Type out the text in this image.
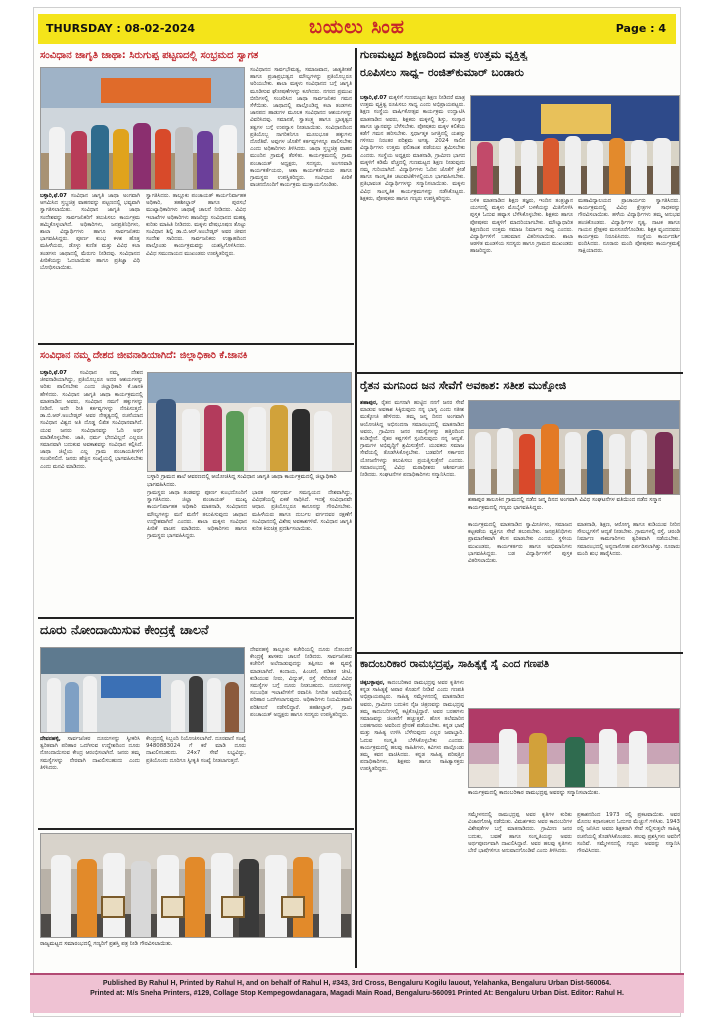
THURSDAY : 08-02-2024	ಬಯಲು ಸಿಂಹ	Page : 4
ಸಂವಿಧಾನ ಜಾಗೃತಿ ಜಾಥಾ: ಸಿರುಗುಪ್ಪ ಪಟ್ಟಣದಲ್ಲಿ ಸಂಭ್ರಮದ ಸ್ವಾಗತ
ಬಳ್ಳಾರಿ,ಫೆ.07 ಸಂವಿಧಾನ ಜಾಗೃತಿ ಜಾಥಾ ಅಂಗವಾಗಿ ಆಗಮಿಸಿದ ಸ್ತಬ್ಧಚಿತ್ರ ವಾಹನವನ್ನು ಪಟ್ಟಣದಲ್ಲಿ ಭವ್ಯವಾಗಿ ಸ್ವಾಗತಿಸಲಾಯಿತು. ಸಂವಿಧಾನ ಜಾಗೃತಿ ಜಾಥಾ ಸಂದೇಶವನ್ನು ಸಾರ್ವಜನಿಕರಿಗೆ ತಲುಪಿಸಲು ಕಾರ್ಯಕ್ರಮ ಹಮ್ಮಿಕೊಳ್ಳಲಾಗಿದೆ. ಅಧಿಕಾರಿಗಳು, ಜನಪ್ರತಿನಿಧಿಗಳು, ಶಾಲಾ ವಿದ್ಯಾರ್ಥಿಗಳು ಹಾಗೂ ಸಾರ್ವಜನಿಕರು ಭಾಗವಹಿಸಿದ್ದರು. ಪೂರ್ಣ ಕುಂಭ ಕಳಶ ಹೊತ್ತ ಮಹಿಳೆಯರು, ಡೊಳ್ಳು ಕುಣಿತ ಮತ್ತು ವಿವಿಧ ಕಲಾ ತಂಡಗಳು ಜಾಥಾದಲ್ಲಿ ಮೆರುಗು ನೀಡಿದವು. ಸಂವಿಧಾನದ ಪೀಠಿಕೆಯನ್ನು ಓದಲಾಯಿತು ಹಾಗೂ ಪ್ರತಿಜ್ಞಾ ವಿಧಿ ಬೋಧಿಸಲಾಯಿತು.
ಸ್ವಾಗತಿಸಿದರು. ತಾಲ್ಲೂಕು ಪಂಚಾಯತ್ ಕಾರ್ಯನಿರ್ವಾಹಕ ಅಧಿಕಾರಿ, ತಹಶೀಲ್ದಾರ್ ಹಾಗೂ ಪುರಸಭೆ ಮುಖ್ಯಾಧಿಕಾರಿಗಳು ಜಾಥಾಕ್ಕೆ ಚಾಲನೆ ನೀಡಿದರು. ವಿವಿಧ ಇಲಾಖೆಗಳ ಅಧಿಕಾರಿಗಳು ಹಾಜರಿದ್ದು ಸಂವಿಧಾನದ ಮಹತ್ವ ಕುರಿತು ಮಾಹಿತಿ ನೀಡಿದರು. ಮಕ್ಕಳು ವೇಷಭೂಷಣ ತೊಟ್ಟು ಸಂವಿಧಾನ ಶಿಲ್ಪಿ ಡಾ.ಬಿ.ಆರ್.ಅಂಬೇಡ್ಕರ್ ಅವರ ಜೀವನ ಸಂದೇಶ ಸಾರಿದರು. ಸಾರ್ವಜನಿಕರು ಉತ್ಸಾಹದಿಂದ ಪಾಲ್ಗೊಂಡು ಕಾರ್ಯಕ್ರಮವನ್ನು ಯಶಸ್ವಿಗೊಳಿಸಿದರು. ವಿವಿಧ ಸಮುದಾಯದ ಮುಖಂಡರು ಉಪಸ್ಥಿತರಿದ್ದರು.
ಸಂವಿಧಾನದ ಸಾರ್ವಭೌಮತ್ವ, ಸಮಾಜವಾದ, ಜಾತ್ಯತೀತತೆ ಹಾಗೂ ಪ್ರಜಾಪ್ರಭುತ್ವದ ಮೌಲ್ಯಗಳನ್ನು ಪ್ರತಿಯೊಬ್ಬರೂ ಅರಿಯಬೇಕು. ಶಾಲಾ ಮಕ್ಕಳು ಸಂವಿಧಾನದ ಬಗ್ಗೆ ಜಾಗೃತಿ ಮೂಡಿಸುವ ಘೋಷಣೆಗಳನ್ನು ಕೂಗಿದರು. ನಗರದ ಪ್ರಮುಖ ಬೀದಿಗಳಲ್ಲಿ ಸಂಚರಿಸಿದ ಜಾಥಾ ಸಾರ್ವಜನಿಕರ ಗಮನ ಸೆಳೆಯಿತು. ಜಾಥಾದಲ್ಲಿ ಪಾಲ್ಗೊಂಡಿದ್ದ ಕಲಾ ತಂಡಗಳು ಜಾನಪದ ಹಾಡುಗಳ ಮೂಲಕ ಸಂವಿಧಾನದ ಆಶಯಗಳನ್ನು ವಿವರಿಸಿದವು. ಸಮಾನತೆ, ಸ್ವಾತಂತ್ರ್ಯ ಹಾಗೂ ಭ್ರಾತೃತ್ವದ ತತ್ವಗಳ ಬಗ್ಗೆ ಉಪನ್ಯಾಸ ನೀಡಲಾಯಿತು. ಸಂವಿಧಾನದಿಂದ ಪ್ರತಿಯೊಬ್ಬ ನಾಗರಿಕನಿಗೂ ಮೂಲಭೂತ ಹಕ್ಕುಗಳು ದೊರೆತಿವೆ. ಅವುಗಳ ಜೊತೆಗೆ ಕರ್ತವ್ಯಗಳನ್ನೂ ಪಾಲಿಸಬೇಕು ಎಂದು ಅಧಿಕಾರಿಗಳು ತಿಳಿಸಿದರು. ಜಾಥಾ ಸ್ತಬ್ಧಚಿತ್ರ ವಾಹನ ಮುಂದಿನ ಗ್ರಾಮಕ್ಕೆ ತೆರಳಿತು. ಕಾರ್ಯಕ್ರಮದಲ್ಲಿ ಗ್ರಾಮ ಪಂಚಾಯತ್ ಅಧ್ಯಕ್ಷರು, ಸದಸ್ಯರು, ಅಂಗನವಾಡಿ ಕಾರ್ಯಕರ್ತೆಯರು, ಆಶಾ ಕಾರ್ಯಕರ್ತೆಯರು ಹಾಗೂ ಗ್ರಾಮಸ್ಥರು ಉಪಸ್ಥಿತರಿದ್ದರು. ಸಂವಿಧಾನ ಪೀಠಿಕೆ ವಾಚನದೊಂದಿಗೆ ಕಾರ್ಯಕ್ರಮ ಮುಕ್ತಾಯಗೊಂಡಿತು.
ಗುಣಮಟ್ಟದ ಶಿಕ್ಷಣದಿಂದ ಮಾತ್ರ ಉತ್ತಮ ವ್ಯಕ್ತಿತ್ವ
ರೂಪಿಸಲು ಸಾಧ್ಯ– ರಂಜಿತ್‌ಕುಮಾರ್ ಬಂಡಾರು
ಬಳ್ಳಾರಿ,ಫೆ.07 ಮಕ್ಕಳಿಗೆ ಗುಣಮಟ್ಟದ ಶಿಕ್ಷಣ ನೀಡಿದರೆ ಮಾತ್ರ ಉತ್ತಮ ವ್ಯಕ್ತಿತ್ವ ರೂಪಿಸಲು ಸಾಧ್ಯ ಎಂದು ಅಭಿಪ್ರಾಯಪಟ್ಟರು. ಶಿಕ್ಷಣ ಸಂಸ್ಥೆಯ ವಾರ್ಷಿಕೋತ್ಸವ ಕಾರ್ಯಕ್ರಮ ಉದ್ಘಾಟಿಸಿ ಮಾತನಾಡಿದ ಅವರು, ಶಿಕ್ಷಕರು ಮಕ್ಕಳಲ್ಲಿ ಶಿಸ್ತು, ಸಂಸ್ಕಾರ ಹಾಗೂ ಜ್ಞಾನವನ್ನು ಬೆಳೆಸಬೇಕು. ಪೋಷಕರು ಮಕ್ಕಳ ಕಲಿಕೆಯ ಕಡೆಗೆ ಗಮನ ಹರಿಸಬೇಕು. ಸ್ಪರ್ಧಾತ್ಮಕ ಜಗತ್ತಿನಲ್ಲಿ ಯಶಸ್ಸು ಗಳಿಸಲು ನಿರಂತರ ಪರಿಶ್ರಮ ಅಗತ್ಯ. 2024 ಸಾಲಿನ ವಿದ್ಯಾರ್ಥಿಗಳು ಉತ್ತಮ ಫಲಿತಾಂಶ ಪಡೆಯಲು ಶ್ರಮಿಸಬೇಕು ಎಂದರು. ಸಂಸ್ಥೆಯ ಅಧ್ಯಕ್ಷರು ಮಾತನಾಡಿ, ಗ್ರಾಮೀಣ ಭಾಗದ ಮಕ್ಕಳಿಗೆ ಕಡಿಮೆ ವೆಚ್ಚದಲ್ಲಿ ಗುಣಮಟ್ಟದ ಶಿಕ್ಷಣ ನೀಡುವುದು ನಮ್ಮ ಗುರಿಯಾಗಿದೆ. ವಿದ್ಯಾರ್ಥಿಗಳು ಓದಿನ ಜೊತೆಗೆ ಕ್ರೀಡೆ ಹಾಗೂ ಸಾಂಸ್ಕೃತಿಕ ಚಟುವಟಿಕೆಗಳಲ್ಲಿಯೂ ಭಾಗವಹಿಸಬೇಕು. ಪ್ರತಿಭಾವಂತ ವಿದ್ಯಾರ್ಥಿಗಳನ್ನು ಸನ್ಮಾನಿಸಲಾಯಿತು. ಮಕ್ಕಳು ವಿವಿಧ ಸಾಂಸ್ಕೃತಿಕ ಕಾರ್ಯಕ್ರಮಗಳನ್ನು ನಡೆಸಿಕೊಟ್ಟರು. ಶಿಕ್ಷಕರು, ಪೋಷಕರು ಹಾಗೂ ಗಣ್ಯರು ಉಪಸ್ಥಿತರಿದ್ದರು.	ಬಳಿಕ ಮಾತನಾಡಿದ ಶಿಕ್ಷಣ ತಜ್ಞರು, ಇಂದಿನ ತಂತ್ರಜ್ಞಾನ ಯುಗದಲ್ಲಿ ಮಕ್ಕಳು ಮೊಬೈಲ್ ಬಳಕೆಯನ್ನು ಮಿತಿಗೊಳಿಸಿ ಪುಸ್ತಕ ಓದುವ ಹವ್ಯಾಸ ಬೆಳೆಸಿಕೊಳ್ಳಬೇಕು. ಶಿಕ್ಷಕರು ಹಾಗೂ ಪೋಷಕರು ಮಕ್ಕಳಿಗೆ ಮಾದರಿಯಾಗಬೇಕು. ಮೌಲ್ಯಾಧಾರಿತ ಶಿಕ್ಷಣದಿಂದ ಉತ್ತಮ ಸಮಾಜ ನಿರ್ಮಾಣ ಸಾಧ್ಯ ಎಂದರು. ವಿದ್ಯಾರ್ಥಿಗಳಿಗೆ ಬಹುಮಾನ ವಿತರಿಸಲಾಯಿತು. ಶಾಲಾ ಆಡಳಿತ ಮಂಡಳಿಯ ಸದಸ್ಯರು ಹಾಗೂ ಗ್ರಾಮದ ಮುಖಂಡರು ಹಾಜರಿದ್ದರು.
ಮಹಾವಿದ್ಯಾಲಯದ ಪ್ರಾಚಾರ್ಯರು ಸ್ವಾಗತಿಸಿದರು. ಕಾರ್ಯಕ್ರಮದಲ್ಲಿ ವಿವಿಧ ಕ್ಷೇತ್ರಗಳ ಸಾಧಕರನ್ನು ಗೌರವಿಸಲಾಯಿತು. ಹಳೆಯ ವಿದ್ಯಾರ್ಥಿಗಳು ತಮ್ಮ ಅನುಭವ ಹಂಚಿಕೊಂಡರು. ವಿದ್ಯಾರ್ಥಿಗಳ ನೃತ್ಯ, ನಾಟಕ ಹಾಗೂ ಗಾಯನ ಪ್ರೇಕ್ಷಕರ ಮನಸೂರೆಗೊಂಡಿತು. ಶಿಕ್ಷಕ ವೃಂದದವರು ಕಾರ್ಯಕ್ರಮ ನಿರೂಪಿಸಿದರು. ಸಂಸ್ಥೆಯ ಕಾರ್ಯದರ್ಶಿ ವಂದಿಸಿದರು. ನೂರಾರು ಮಂದಿ ಪೋಷಕರು ಕಾರ್ಯಕ್ರಮಕ್ಕೆ ಸಾಕ್ಷಿಯಾದರು.
ಸಂವಿಧಾನ ನಮ್ಮ ದೇಶದ ಜೀವನಾಡಿಯಾಗಿದೆ: ಜಿಲ್ಲಾಧಿಕಾರಿ ಕೆ.ಜಾನಕಿ
ಬಳ್ಳಾರಿ,ಫೆ.07 ಸಂವಿಧಾನ ನಮ್ಮ ದೇಶದ ಜೀವನಾಡಿಯಾಗಿದ್ದು, ಪ್ರತಿಯೊಬ್ಬರೂ ಅದರ ಆಶಯಗಳನ್ನು ಅರಿತು ಪಾಲಿಸಬೇಕು ಎಂದು ಜಿಲ್ಲಾಧಿಕಾರಿ ಕೆ.ಜಾನಕಿ ಹೇಳಿದರು. ಸಂವಿಧಾನ ಜಾಗೃತಿ ಜಾಥಾ ಕಾರ್ಯಕ್ರಮದಲ್ಲಿ ಮಾತನಾಡಿದ ಅವರು, ಸಂವಿಧಾನ ನಮಗೆ ಹಕ್ಕುಗಳನ್ನು ನೀಡಿದೆ. ಅದೇ ರೀತಿ ಕರ್ತವ್ಯಗಳನ್ನು ನೆನಪಿಸುತ್ತದೆ. ಡಾ.ಬಿ.ಆರ್.ಅಂಬೇಡ್ಕರ್ ಅವರ ನೇತೃತ್ವದಲ್ಲಿ ರಚನೆಯಾದ ಸಂವಿಧಾನ ವಿಶ್ವದ ಅತಿ ದೊಡ್ಡ ಲಿಖಿತ ಸಂವಿಧಾನವಾಗಿದೆ. ಯುವ ಜನರು ಸಂವಿಧಾನವನ್ನು ಓದಿ ಅರ್ಥ ಮಾಡಿಕೊಳ್ಳಬೇಕು. ಜಾತಿ, ಧರ್ಮ ಭೇದವಿಲ್ಲದೆ ಎಲ್ಲರೂ ಸಮಾನವಾಗಿ ಬದುಕುವ ಅವಕಾಶವನ್ನು ಸಂವಿಧಾನ ಕಲ್ಪಿಸಿದೆ. ಜಾಥಾ ಜಿಲ್ಲೆಯ ಎಲ್ಲ ಗ್ರಾಮ ಪಂಚಾಯತಿಗಳಿಗೆ ಸಂಚರಿಸಲಿದೆ. ಜನರು ಹೆಚ್ಚಿನ ಸಂಖ್ಯೆಯಲ್ಲಿ ಭಾಗವಹಿಸಬೇಕು ಎಂದು ಮನವಿ ಮಾಡಿದರು.
ಬಳ್ಳಾರಿ ಗ್ರಾಮದ ಶಾಲೆ ಆವರಣದಲ್ಲಿ ಆಯೋಜಿಸಿದ್ದ ಸಂವಿಧಾನ ಜಾಗೃತಿ ಜಾಥಾ ಕಾರ್ಯಕ್ರಮದಲ್ಲಿ ಜಿಲ್ಲಾಧಿಕಾರಿ ಭಾಗವಹಿಸಿದರು.
ಗ್ರಾಮಸ್ಥರು ಜಾಥಾ ತಂಡವನ್ನು ಪೂರ್ಣ ಕುಂಭದೊಂದಿಗೆ ಸ್ವಾಗತಿಸಿದರು. ಜಿಲ್ಲಾ ಪಂಚಾಯತ್ ಮುಖ್ಯ ಕಾರ್ಯನಿರ್ವಾಹಕ ಅಧಿಕಾರಿ ಮಾತನಾಡಿ, ಸಂವಿಧಾನದ ಮೌಲ್ಯಗಳನ್ನು ಮನೆ ಮನೆಗೆ ತಲುಪಿಸುವುದು ಜಾಥಾದ ಉದ್ದೇಶವಾಗಿದೆ ಎಂದರು. ಶಾಲಾ ಮಕ್ಕಳು ಸಂವಿಧಾನ ಪೀಠಿಕೆ ವಾಚನ ಮಾಡಿದರು. ಅಧಿಕಾರಿಗಳು ಹಾಗೂ ಗ್ರಾಮಸ್ಥರು ಭಾಗವಹಿಸಿದ್ದರು.
ಭಾರತ ಸರ್ವಧರ್ಮ ಸಮನ್ವಯದ ದೇಶವಾಗಿದ್ದು, ವಿವಿಧತೆಯಲ್ಲಿ ಏಕತೆ ಸಾಧಿಸಿದೆ. ಇದಕ್ಕೆ ಸಂವಿಧಾನವೇ ಆಧಾರ. ಪ್ರತಿಯೊಬ್ಬರೂ ಕಾನೂನನ್ನು ಗೌರವಿಸಬೇಕು. ಮಹಿಳೆಯರು ಹಾಗೂ ದುರ್ಬಲ ವರ್ಗದವರ ರಕ್ಷಣೆಗೆ ಸಂವಿಧಾನದಲ್ಲಿ ವಿಶೇಷ ಅವಕಾಶಗಳಿವೆ. ಸಂವಿಧಾನ ಜಾಗೃತಿ ಕುರಿತ ಕಿರುಚಿತ್ರ ಪ್ರದರ್ಶಿಸಲಾಯಿತು.
ರೈತನ ಮಗನಿಂದ ಜನ ಸೇವೆಗೆ ಅವಕಾಶ: ಸತೀಶ ಮುಕ್ಕೋಜಿ
ಶಹಾಪುರ ತಾಲೂಕಿನ ಗ್ರಾಮದಲ್ಲಿ ನಡೆದ ಜನ್ಮ ದಿನದ ಅಂಗವಾಗಿ ವಿವಿಧ ಸಂಘಟನೆಗಳ ವತಿಯಿಂದ ನಡೆದ ಸನ್ಮಾನ ಕಾರ್ಯಕ್ರಮದಲ್ಲಿ ಗಣ್ಯರು ಭಾಗವಹಿಸಿದ್ದರು.
ಶಹಾಪುರ, ರೈತನ ಮಗನಾಗಿ ಹುಟ್ಟಿದ ನನಗೆ ಜನರ ಸೇವೆ ಮಾಡುವ ಅವಕಾಶ ಸಿಕ್ಕಿರುವುದು ನನ್ನ ಭಾಗ್ಯ ಎಂದು ಸತೀಶ ಮುಕ್ಕೋಜಿ ಹೇಳಿದರು. ತಮ್ಮ ಜನ್ಮ ದಿನದ ಅಂಗವಾಗಿ ಆಯೋಜಿಸಿದ್ದ ಅಭಿನಂದನಾ ಸಮಾರಂಭದಲ್ಲಿ ಮಾತನಾಡಿದ ಅವರು, ಗ್ರಾಮೀಣ ಜನರ ಸಮಸ್ಯೆಗಳನ್ನು ಹತ್ತಿರದಿಂದ ಕಂಡಿದ್ದೇನೆ. ರೈತರ ಕಷ್ಟಗಳಿಗೆ ಸ್ಪಂದಿಸುವುದು ನನ್ನ ಆದ್ಯತೆ. ಗ್ರಾಮಗಳ ಅಭಿವೃದ್ಧಿಗೆ ಶ್ರಮಿಸುತ್ತೇನೆ. ಯುವಕರು ಸಮಾಜ ಸೇವೆಯಲ್ಲಿ ತೊಡಗಿಸಿಕೊಳ್ಳಬೇಕು. ಬಡವರಿಗೆ ಸರ್ಕಾರದ ಯೋಜನೆಗಳನ್ನು ತಲುಪಿಸಲು ಪ್ರಯತ್ನಿಸುತ್ತೇನೆ ಎಂದರು. ಸಮಾರಂಭದಲ್ಲಿ ವಿವಿಧ ಮಠಾಧೀಶರು ಆಶೀರ್ವಚನ ನೀಡಿದರು. ಸಂಘಟನೆಗಳ ಪದಾಧಿಕಾರಿಗಳು ಸನ್ಮಾನಿಸಿದರು.
ಕಾರ್ಯಕ್ರಮದಲ್ಲಿ ಮಾತನಾಡಿದ ಸ್ವಾಮೀಜಿಗಳು, ಸಮಾಜದ ಕಟ್ಟಕಡೆಯ ವ್ಯಕ್ತಿಗೂ ಸೇವೆ ತಲುಪಬೇಕು. ಜನಪ್ರತಿನಿಧಿಗಳು ಪ್ರಾಮಾಣಿಕವಾಗಿ ಕೆಲಸ ಮಾಡಬೇಕು ಎಂದರು. ಸ್ಥಳೀಯ ಮುಖಂಡರು, ಕಾರ್ಯಕರ್ತರು ಹಾಗೂ ಅಭಿಮಾನಿಗಳು ಭಾಗವಹಿಸಿದ್ದರು. ಬಡ ವಿದ್ಯಾರ್ಥಿಗಳಿಗೆ ಪುಸ್ತಕ ವಿತರಿಸಲಾಯಿತು.
ಮಾತನಾಡಿ, ಶಿಕ್ಷಣ, ಆರೋಗ್ಯ ಹಾಗೂ ಕುಡಿಯುವ ನೀರಿನ ಸೌಲಭ್ಯಗಳಿಗೆ ಆದ್ಯತೆ ನೀಡಬೇಕು. ಗ್ರಾಮಗಳಲ್ಲಿ ರಸ್ತೆ, ಚರಂಡಿ ನಿರ್ಮಾಣ ಕಾಮಗಾರಿಗಳು ತ್ವರಿತವಾಗಿ ನಡೆಯಬೇಕು. ಸಮಾರಂಭದಲ್ಲಿ ಅನ್ನದಾಸೋಹ ಏರ್ಪಡಿಸಲಾಗಿತ್ತು. ನೂರಾರು ಮಂದಿ ಶುಭ ಹಾರೈಸಿದರು.
ದೂರು ನೋಂದಾಯಿಸುವ ಕೇಂದ್ರಕ್ಕೆ ಚಾಲನೆ
ದೇವನಹಳ್ಳಿ, ಸಾರ್ವಜನಿಕರ ದೂರುಗಳನ್ನು ಸ್ವೀಕರಿಸಿ ತ್ವರಿತವಾಗಿ ಪರಿಹಾರ ಒದಗಿಸುವ ಉದ್ದೇಶದಿಂದ ದೂರು ನೋಂದಾಯಿಸುವ ಕೇಂದ್ರ ಆರಂಭಿಸಲಾಗಿದೆ. ಜನರು ತಮ್ಮ ಸಮಸ್ಯೆಗಳನ್ನು ನೇರವಾಗಿ ದಾಖಲಿಸಬಹುದು ಎಂದು ತಿಳಿಸಿದರು.
ಕೇಂದ್ರದಲ್ಲಿ ಸಿಬ್ಬಂದಿ ನಿಯೋಜಿಸಲಾಗಿದೆ. ದೂರವಾಣಿ ಸಂಖ್ಯೆ 9480883024 ಗೆ ಕರೆ ಮಾಡಿ ದೂರು ದಾಖಲಿಸಬಹುದು. 24x7 ಸೇವೆ ಲಭ್ಯವಿದ್ದು, ಪ್ರತಿಯೊಂದು ದೂರಿಗೂ ಸ್ವೀಕೃತಿ ಸಂಖ್ಯೆ ನೀಡಲಾಗುತ್ತದೆ.
ದೇವನಹಳ್ಳಿ ತಾಲ್ಲೂಕು ಕಚೇರಿಯಲ್ಲಿ ದೂರು ನೋಂದಣಿ ಕೇಂದ್ರಕ್ಕೆ ಶಾಸಕರು ಚಾಲನೆ ನೀಡಿದರು. ಸಾರ್ವಜನಿಕರು ಕಚೇರಿಗೆ ಅಲೆದಾಡುವುದನ್ನು ತಪ್ಪಿಸಲು ಈ ವ್ಯವಸ್ಥೆ ಮಾಡಲಾಗಿದೆ. ಕಂದಾಯ, ಪಿಂಚಣಿ, ಪಡಿತರ ಚೀಟಿ, ಕುಡಿಯುವ ನೀರು, ವಿದ್ಯುತ್, ರಸ್ತೆ ಸೇರಿದಂತೆ ವಿವಿಧ ಸಮಸ್ಯೆಗಳ ಬಗ್ಗೆ ದೂರು ನೀಡಬಹುದು. ದೂರುಗಳನ್ನು ಸಂಬಂಧಿತ ಇಲಾಖೆಗಳಿಗೆ ರವಾನಿಸಿ ನಿಗದಿತ ಅವಧಿಯಲ್ಲಿ ಪರಿಹಾರ ಒದಗಿಸಲಾಗುವುದು. ಅಧಿಕಾರಿಗಳು ನಿಯಮಿತವಾಗಿ ಪರಿಶೀಲನೆ ನಡೆಸಲಿದ್ದಾರೆ. ತಹಶೀಲ್ದಾರ್, ಗ್ರಾಮ ಪಂಚಾಯತ್ ಅಧ್ಯಕ್ಷರು ಹಾಗೂ ಸದಸ್ಯರು ಉಪಸ್ಥಿತರಿದ್ದರು.
ಕಾದಂಬರಿಕಾರ ರಾಮಭದ್ರಪ್ಪ, ಸಾಹಿತ್ಯಕ್ಕೆ ಸೈ ಎಂದ ಗಣಪತಿ
ಚಿಕ್ಕಬಳ್ಳಾಪುರ, ಕಾದಂಬರಿಕಾರ ರಾಮಭದ್ರಪ್ಪ ಅವರ ಕೃತಿಗಳು ಕನ್ನಡ ಸಾಹಿತ್ಯಕ್ಕೆ ಅಪಾರ ಕೊಡುಗೆ ನೀಡಿವೆ ಎಂದು ಗಣಪತಿ ಅಭಿಪ್ರಾಯಪಟ್ಟರು. ಸಾಹಿತ್ಯ ಸಮ್ಮೇಳನದಲ್ಲಿ ಮಾತನಾಡಿದ ಅವರು, ಗ್ರಾಮೀಣ ಬದುಕಿನ ನೈಜ ಚಿತ್ರಣವನ್ನು ರಾಮಭದ್ರಪ್ಪ ತಮ್ಮ ಕಾದಂಬರಿಗಳಲ್ಲಿ ಕಟ್ಟಿಕೊಟ್ಟಿದ್ದಾರೆ. ಅವರ ಬರಹಗಳು ಸಮಾಜವನ್ನು ಚಿಂತನೆಗೆ ಹಚ್ಚುತ್ತವೆ. ಹೊಸ ತಲೆಮಾರಿನ ಬರಹಗಾರರು ಅವರಿಂದ ಪ್ರೇರಣೆ ಪಡೆಯಬೇಕು. ಕನ್ನಡ ಭಾಷೆ ಮತ್ತು ಸಾಹಿತ್ಯ ಉಳಿಸಿ ಬೆಳೆಸುವುದು ಎಲ್ಲರ ಜವಾಬ್ದಾರಿ. ಓದುವ ಸಂಸ್ಕೃತಿ ಬೆಳೆಸಿಕೊಳ್ಳಬೇಕು ಎಂದರು. ಕಾರ್ಯಕ್ರಮದಲ್ಲಿ ಹಲವು ಸಾಹಿತಿಗಳು, ಕವಿಗಳು ಪಾಲ್ಗೊಂಡು ತಮ್ಮ ಕವನ ವಾಚಿಸಿದರು. ಕನ್ನಡ ಸಾಹಿತ್ಯ ಪರಿಷತ್ತಿನ ಪದಾಧಿಕಾರಿಗಳು, ಶಿಕ್ಷಕರು ಹಾಗೂ ಸಾಹಿತ್ಯಾಸಕ್ತರು ಉಪಸ್ಥಿತರಿದ್ದರು.
ಕಾರ್ಯಕ್ರಮದಲ್ಲಿ ಕಾದಂಬರಿಕಾರ ರಾಮಭದ್ರಪ್ಪ ಅವರನ್ನು ಸನ್ಮಾನಿಸಲಾಯಿತು.
ಸಮ್ಮೇಳನದಲ್ಲಿ ರಾಮಭದ್ರಪ್ಪ ಅವರ ಕೃತಿಗಳ ಕುರಿತು ವಿಚಾರಗೋಷ್ಠಿ ನಡೆಯಿತು. ವಿಮರ್ಶಕರು ಅವರ ಕಾದಂಬರಿಗಳ ವಿಶೇಷತೆಗಳ ಬಗ್ಗೆ ಮಾತನಾಡಿದರು. ಗ್ರಾಮೀಣ ಜನರ ಬದುಕು, ಬವಣೆ ಹಾಗೂ ಸಂಸ್ಕೃತಿಯನ್ನು ಅವರು ಅರ್ಥಪೂರ್ಣವಾಗಿ ದಾಖಲಿಸಿದ್ದಾರೆ. ಅವರ ಹಲವು ಕೃತಿಗಳು ಬೇರೆ ಭಾಷೆಗಳಿಗೂ ಅನುವಾದಗೊಂಡಿವೆ ಎಂದು ತಿಳಿಸಿದರು.
ಪ್ರಕಾಶನದಿಂದ 1973 ರಲ್ಲಿ ಪ್ರಕಟವಾಯಿತು. ಅವರ ಮೊದಲ ಕಥಾಸಂಕಲನ ಓದುಗರ ಮೆಚ್ಚುಗೆ ಗಳಿಸಿತು. 1943 ರಲ್ಲಿ ಜನಿಸಿದ ಅವರು ಶಿಕ್ಷಕರಾಗಿ ಸೇವೆ ಸಲ್ಲಿಸುತ್ತಲೇ ಸಾಹಿತ್ಯ ರಚನೆಯಲ್ಲಿ ತೊಡಗಿಸಿಕೊಂಡರು. ಹಲವು ಪ್ರಶಸ್ತಿಗಳು ಅವರಿಗೆ ಸಂದಿವೆ. ಸಮ್ಮೇಳನದಲ್ಲಿ ಗಣ್ಯರು ಅವರನ್ನು ಸನ್ಮಾನಿಸಿ ಗೌರವಿಸಿದರು.
ರಾಜ್ಯಮಟ್ಟದ ಸಮಾರಂಭದಲ್ಲಿ ಗಣ್ಯರಿಗೆ ಪ್ರಶಸ್ತಿ ಪತ್ರ ನೀಡಿ ಗೌರವಿಸಲಾಯಿತು.
Published By Rahul H, Printed by Rahul H, and on behalf of Rahul H, #343, 3rd Cross, Bengaluru Kogilu lauout, Yelahanka, Bengaluru Urban Dist-560064.
Printed at: M/s Sneha Printers, #129, Collage Stop Kempegowdanagara, Magadi Main Road, Bengaluru-560091 Printed At: Bengaluru Urban Dist. Editor: Rahul H.
